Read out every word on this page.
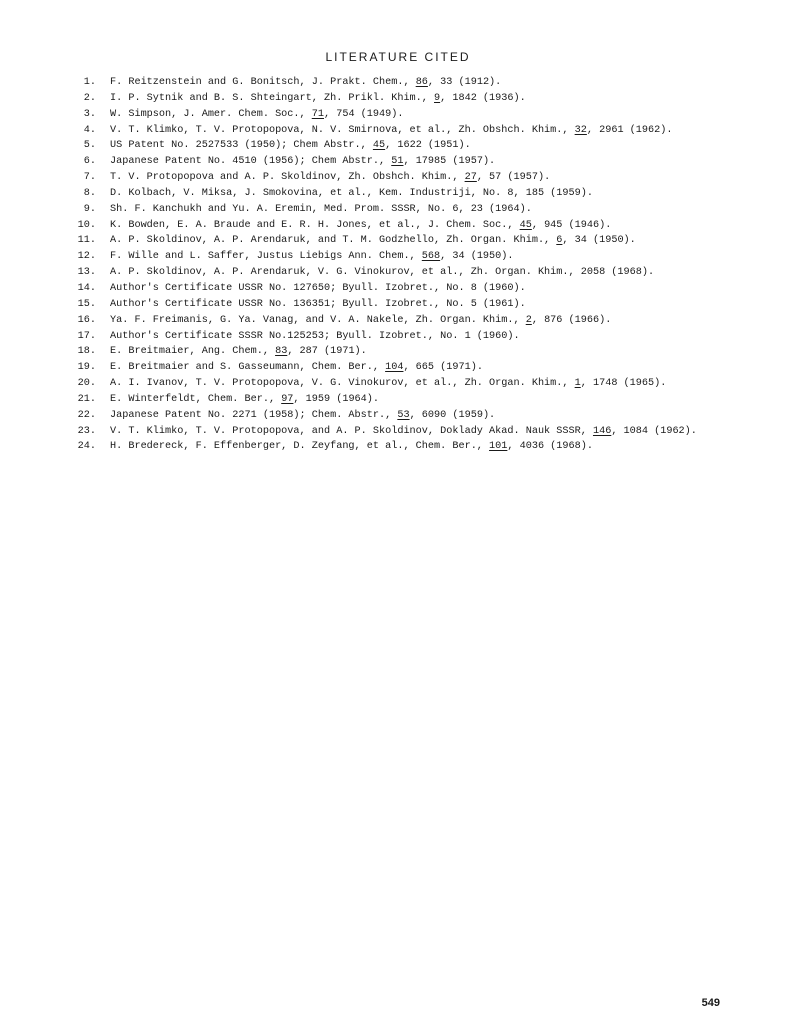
LITERATURE CITED
1. F. Reitzenstein and G. Bonitsch, J. Prakt. Chem., 86, 33 (1912).
2. I. P. Sytnik and B. S. Shteingart, Zh. Prikl. Khim., 9, 1842 (1936).
3. W. Simpson, J. Amer. Chem. Soc., 71, 754 (1949).
4. V. T. Klimko, T. V. Protopopova, N. V. Smirnova, et al., Zh. Obshch. Khim., 32, 2961 (1962).
5. US Patent No. 2527533 (1950); Chem Abstr., 45, 1622 (1951).
6. Japanese Patent No. 4510 (1956); Chem Abstr., 51, 17985 (1957).
7. T. V. Protopopova and A. P. Skoldinov, Zh. Obshch. Khim., 27, 57 (1957).
8. D. Kolbach, V. Miksa, J. Smokovina, et al., Kem. Industriji, No. 8, 185 (1959).
9. Sh. F. Kanchukh and Yu. A. Eremin, Med. Prom. SSSR, No. 6, 23 (1964).
10. K. Bowden, E. A. Braude and E. R. H. Jones, et al., J. Chem. Soc., 45, 945 (1946).
11. A. P. Skoldinov, A. P. Arendaruk, and T. M. Godzhello, Zh. Organ. Khim., 6, 34 (1950).
12. F. Wille and L. Saffer, Justus Liebigs Ann. Chem., 568, 34 (1950).
13. A. P. Skoldinov, A. P. Arendaruk, V. G. Vinokurov, et al., Zh. Organ. Khim., 2058 (1968).
14. Author's Certificate USSR No. 127650; Byull. Izobret., No. 8 (1960).
15. Author's Certificate USSR No. 136351; Byull. Izobret., No. 5 (1961).
16. Ya. F. Freimanis, G. Ya. Vanag, and V. A. Nakele, Zh. Organ. Khim., 2, 876 (1966).
17. Author's Certificate SSSR No.125253; Byull. Izobret., No. 1 (1960).
18. E. Breitmaier, Ang. Chem., 83, 287 (1971).
19. E. Breitmaier and S. Gasseumann, Chem. Ber., 104, 665 (1971).
20. A. I. Ivanov, T. V. Protopopova, V. G. Vinokurov, et al., Zh. Organ. Khim., 1, 1748 (1965).
21. E. Winterfeldt, Chem. Ber., 97, 1959 (1964).
22. Japanese Patent No. 2271 (1958); Chem. Abstr., 53, 6090 (1959).
23. V. T. Klimko, T. V. Protopopova, and A. P. Skoldinov, Doklady Akad. Nauk SSSR, 146, 1084 (1962).
24. H. Bredereck, F. Effenberger, D. Zeyfang, et al., Chem. Ber., 101, 4036 (1968).
549
